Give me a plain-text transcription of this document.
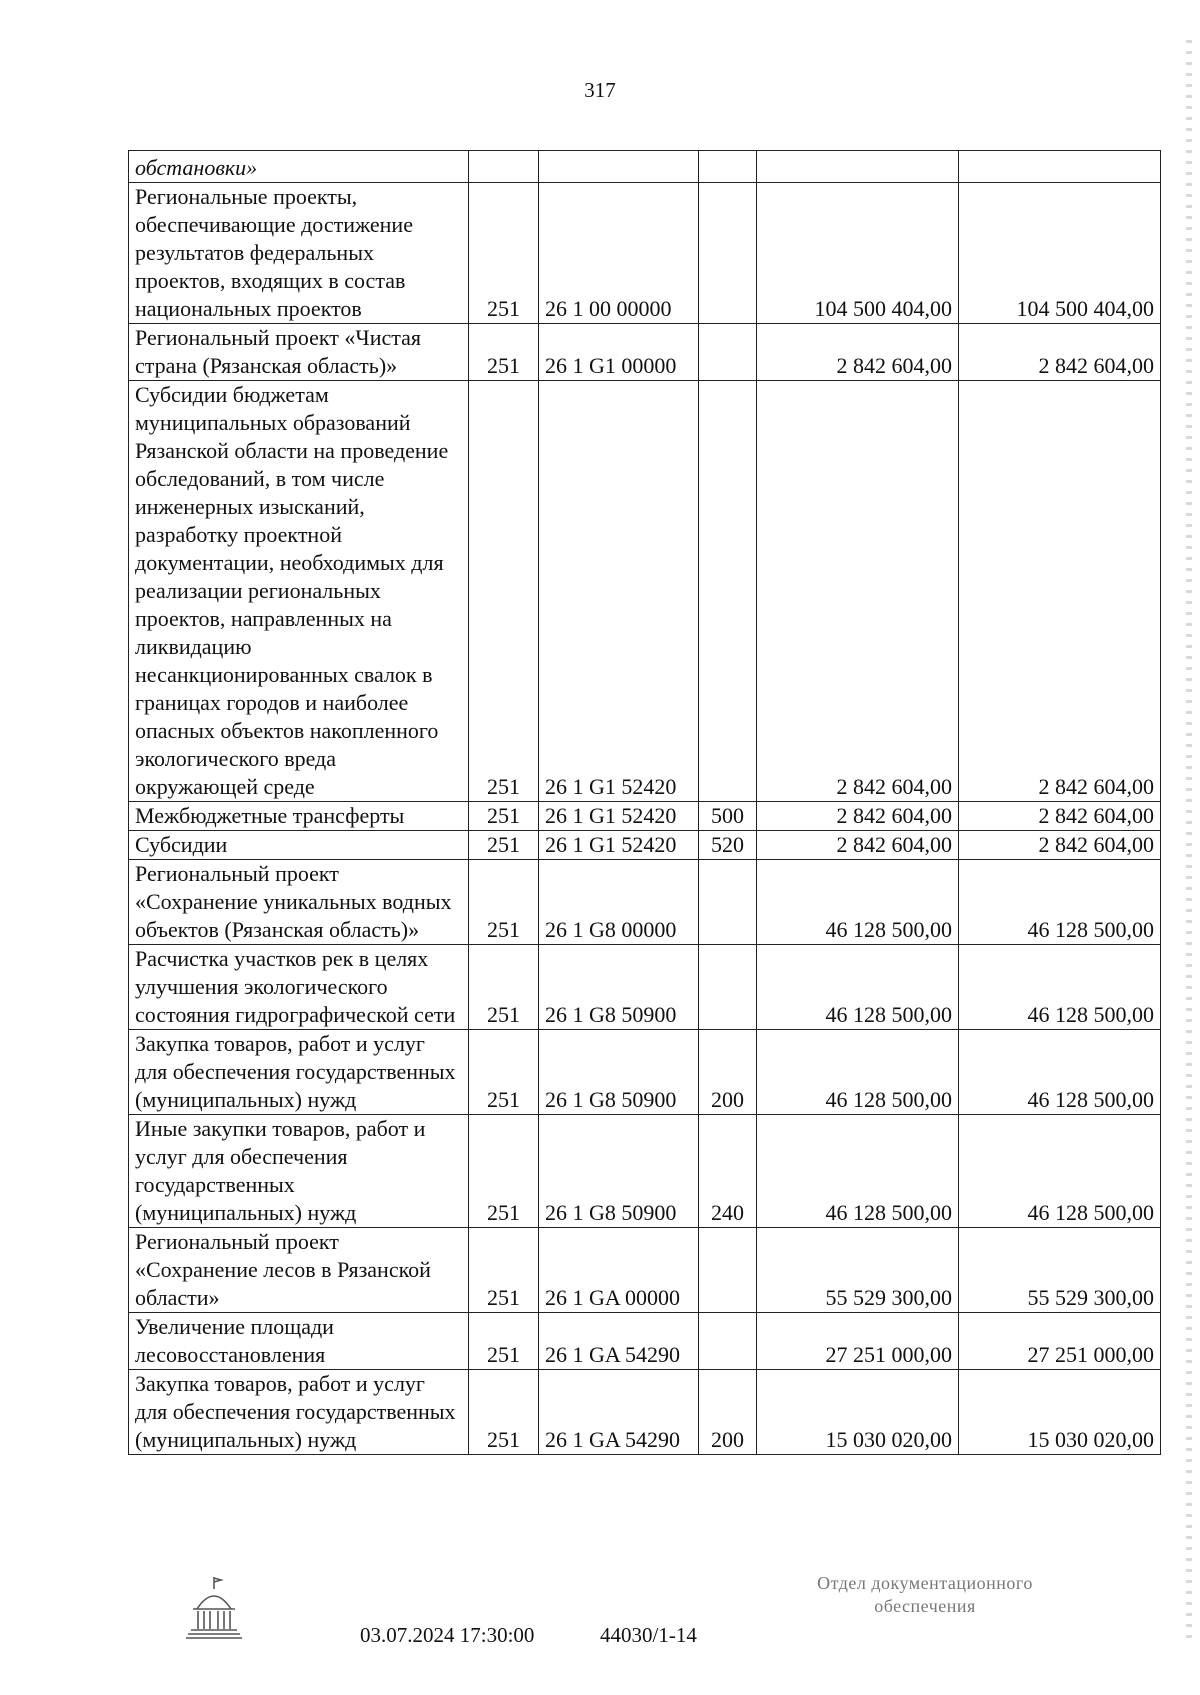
317
обстановки»					
Региональные проекты, обеспечивающие достижение результатов федеральных проектов, входящих в состав национальных проектов	251	26 1 00 00000		104 500 404,00	104 500 404,00
Региональный проект «Чистая страна (Рязанская область)»	251	26 1 G1 00000		2 842 604,00	2 842 604,00
Субсидии бюджетам муниципальных образований Рязанской области на проведение обследований, в том числе инженерных изысканий, разработку проектной документации, необходимых для реализации региональных проектов, направленных на ликвидацию несанкционированных свалок в границах городов и наиболее опасных объектов накопленного экологического вреда окружающей среде	251	26 1 G1 52420		2 842 604,00	2 842 604,00
Межбюджетные трансферты	251	26 1 G1 52420	500	2 842 604,00	2 842 604,00
Субсидии	251	26 1 G1 52420	520	2 842 604,00	2 842 604,00
Региональный проект «Сохранение уникальных водных объектов (Рязанская область)»	251	26 1 G8 00000		46 128 500,00	46 128 500,00
Расчистка участков рек в целях улучшения экологического состояния гидрографической сети	251	26 1 G8 50900		46 128 500,00	46 128 500,00
Закупка товаров, работ и услуг для обеспечения государственных (муниципальных) нужд	251	26 1 G8 50900	200	46 128 500,00	46 128 500,00
Иные закупки товаров, работ и услуг для обеспечения государственных (муниципальных) нужд	251	26 1 G8 50900	240	46 128 500,00	46 128 500,00
Региональный проект «Сохранение лесов в Рязанской области»	251	26 1 GA 00000		55 529 300,00	55 529 300,00
Увеличение площади лесовосстановления	251	26 1 GA 54290		27 251 000,00	27 251 000,00
Закупка товаров, работ и услуг для обеспечения государственных (муниципальных) нужд	251	26 1 GA 54290	200	15 030 020,00	15 030 020,00
03.07.2024 17:30:00	44030/1-14
Отдел документационного
обеспечения
